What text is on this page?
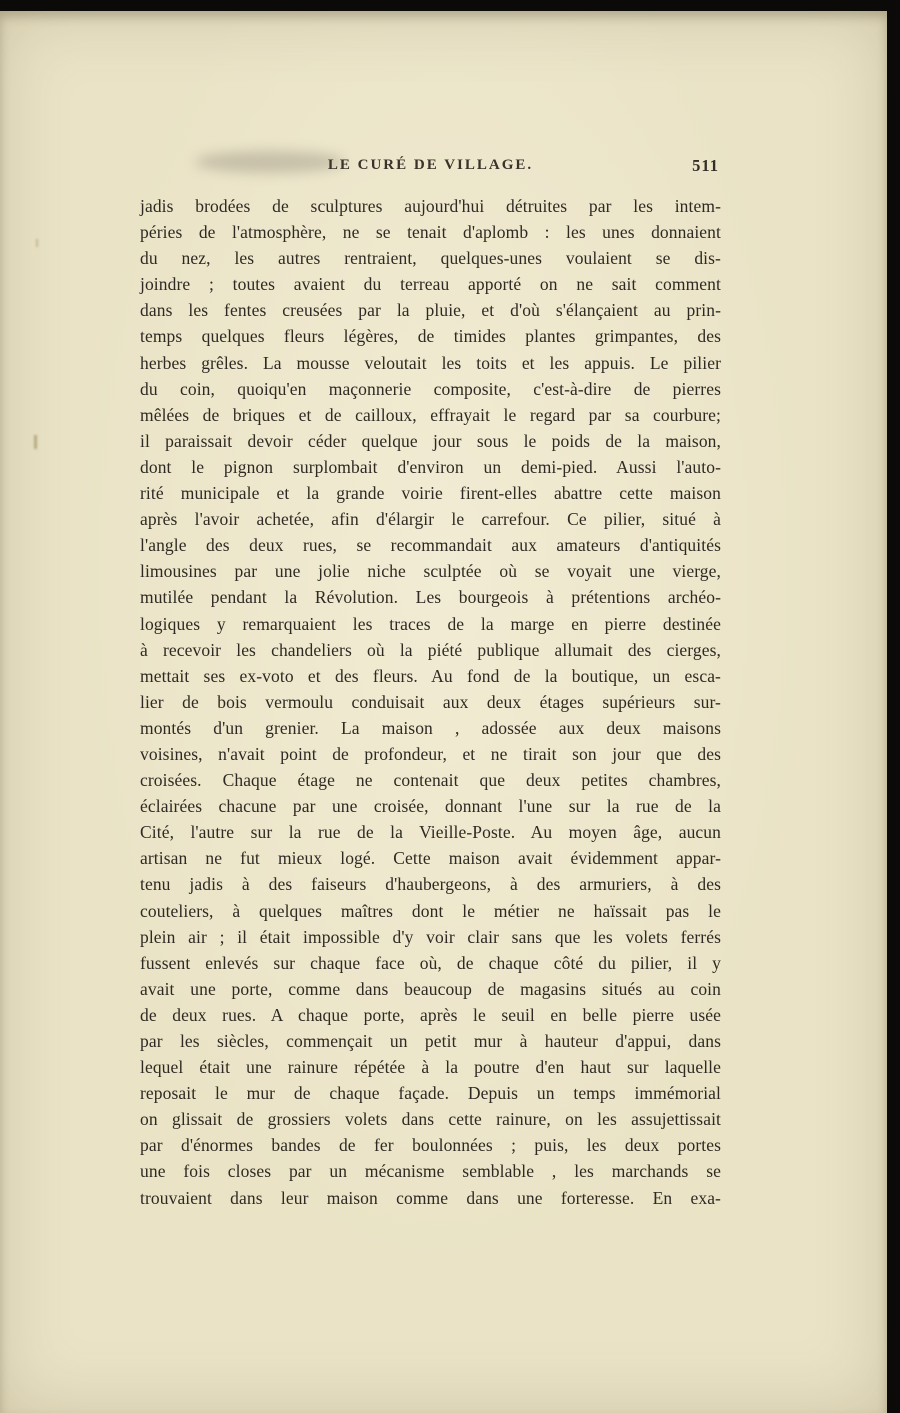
LE CURÉ DE VILLAGE.	511
jadis brodées de sculptures aujourd'hui détruites par les intem-
péries de l'atmosphère, ne se tenait d'aplomb : les unes donnaient
du nez, les autres rentraient, quelques-unes voulaient se dis-
joindre ; toutes avaient du terreau apporté on ne sait comment
dans les fentes creusées par la pluie, et d'où s'élançaient au prin-
temps quelques fleurs légères, de timides plantes grimpantes, des
herbes grêles. La mousse veloutait les toits et les appuis. Le pilier
du coin, quoiqu'en maçonnerie composite, c'est-à-dire de pierres
mêlées de briques et de cailloux, effrayait le regard par sa courbure;
il paraissait devoir céder quelque jour sous le poids de la maison,
dont le pignon surplombait d'environ un demi-pied. Aussi l'auto-
rité municipale et la grande voirie firent-elles abattre cette maison
après l'avoir achetée, afin d'élargir le carrefour. Ce pilier, situé à
l'angle des deux rues, se recommandait aux amateurs d'antiquités
limousines par une jolie niche sculptée où se voyait une vierge,
mutilée pendant la Révolution. Les bourgeois à prétentions archéo-
logiques y remarquaient les traces de la marge en pierre destinée
à recevoir les chandeliers où la piété publique allumait des cierges,
mettait ses ex-voto et des fleurs. Au fond de la boutique, un esca-
lier de bois vermoulu conduisait aux deux étages supérieurs sur-
montés d'un grenier. La maison , adossée aux deux maisons
voisines, n'avait point de profondeur, et ne tirait son jour que des
croisées. Chaque étage ne contenait que deux petites chambres,
éclairées chacune par une croisée, donnant l'une sur la rue de la
Cité, l'autre sur la rue de la Vieille-Poste. Au moyen âge, aucun
artisan ne fut mieux logé. Cette maison avait évidemment appar-
tenu jadis à des faiseurs d'haubergeons, à des armuriers, à des
couteliers, à quelques maîtres dont le métier ne haïssait pas le
plein air ; il était impossible d'y voir clair sans que les volets ferrés
fussent enlevés sur chaque face où, de chaque côté du pilier, il y
avait une porte, comme dans beaucoup de magasins situés au coin
de deux rues. A chaque porte, après le seuil en belle pierre usée
par les siècles, commençait un petit mur à hauteur d'appui, dans
lequel était une rainure répétée à la poutre d'en haut sur laquelle
reposait le mur de chaque façade. Depuis un temps immémorial
on glissait de grossiers volets dans cette rainure, on les assujettissait
par d'énormes bandes de fer boulonnées ; puis, les deux portes
une fois closes par un mécanisme semblable , les marchands se
trouvaient dans leur maison comme dans une forteresse. En exa-
